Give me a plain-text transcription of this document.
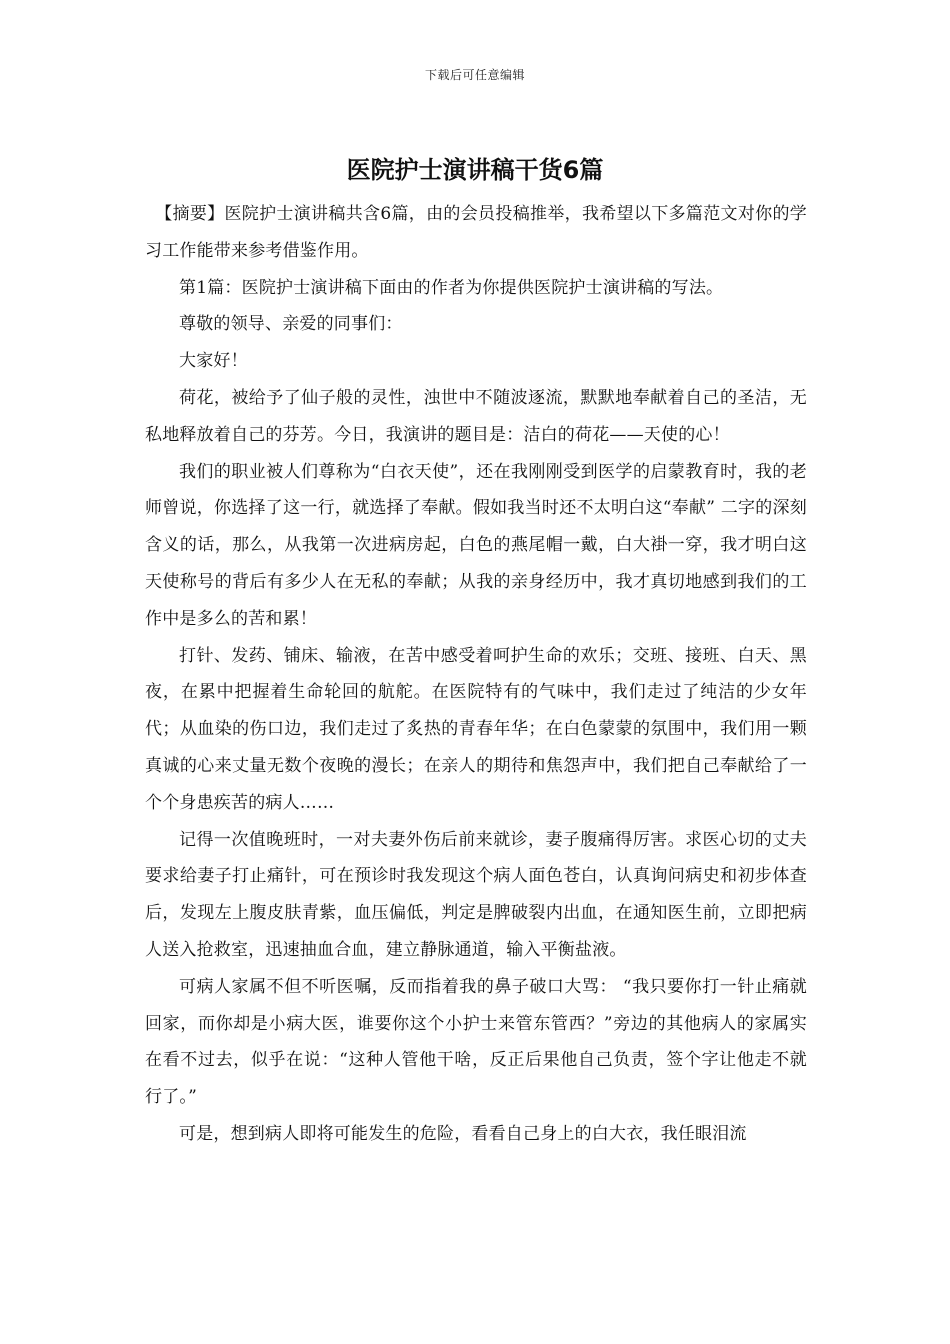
下载后可任意编辑
医院护士演讲稿干货6篇

【摘要】医院护士演讲稿共含6篇，由的会员投稿推举，我希望以下多篇范文对你的学习工作能带来参考借鉴作用。

第1篇：医院护士演讲稿下面由的作者为你提供医院护士演讲稿的写法。

尊敬的领导、亲爱的同事们：

大家好！

荷花，被给予了仙子般的灵性，浊世中不随波逐流，默默地奉献着自己的圣洁，无私地释放着自己的芬芳。今日，我演讲的题目是：洁白的荷花——天使的心！

我们的职业被人们尊称为“白衣天使”，还在我刚刚受到医学的启蒙教育时，我的老师曾说，你选择了这一行，就选择了奉献。假如我当时还不太明白这“奉献” 二字的深刻含义的话，那么，从我第一次进病房起，白色的燕尾帽一戴，白大褂一穿，我才明白这天使称号的背后有多少人在无私的奉献；从我的亲身经历中，我才真切地感到我们的工作中是多么的苦和累！

打针、发药、铺床、输液，在苦中感受着呵护生命的欢乐；交班、接班、白天、黑夜，在累中把握着生命轮回的航舵。在医院特有的气味中，我们走过了纯洁的少女年代；从血染的伤口边，我们走过了炙热的青春年华；在白色蒙蒙的氛围中，我们用一颗真诚的心来丈量无数个夜晚的漫长；在亲人的期待和焦怨声中，我们把自己奉献给了一个个身患疾苦的病人……

记得一次值晚班时，一对夫妻外伤后前来就诊，妻子腹痛得厉害。求医心切的丈夫要求给妻子打止痛针，可在预诊时我发现这个病人面色苍白，认真询问病史和初步体查后，发现左上腹皮肤青紫，血压偏低，判定是脾破裂内出血，在通知医生前，立即把病人送入抢救室，迅速抽血合血，建立静脉通道，输入平衡盐液。

可病人家属不但不听医嘱，反而指着我的鼻子破口大骂： “我只要你打一针止痛就回家，而你却是小病大医，谁要你这个小护士来管东管西？”旁边的其他病人的家属实在看不过去，似乎在说：“这种人管他干啥，反正后果他自己负责，签个字让他走不就行了。”

可是，想到病人即将可能发生的危险，看看自己身上的白大衣，我任眼泪流
